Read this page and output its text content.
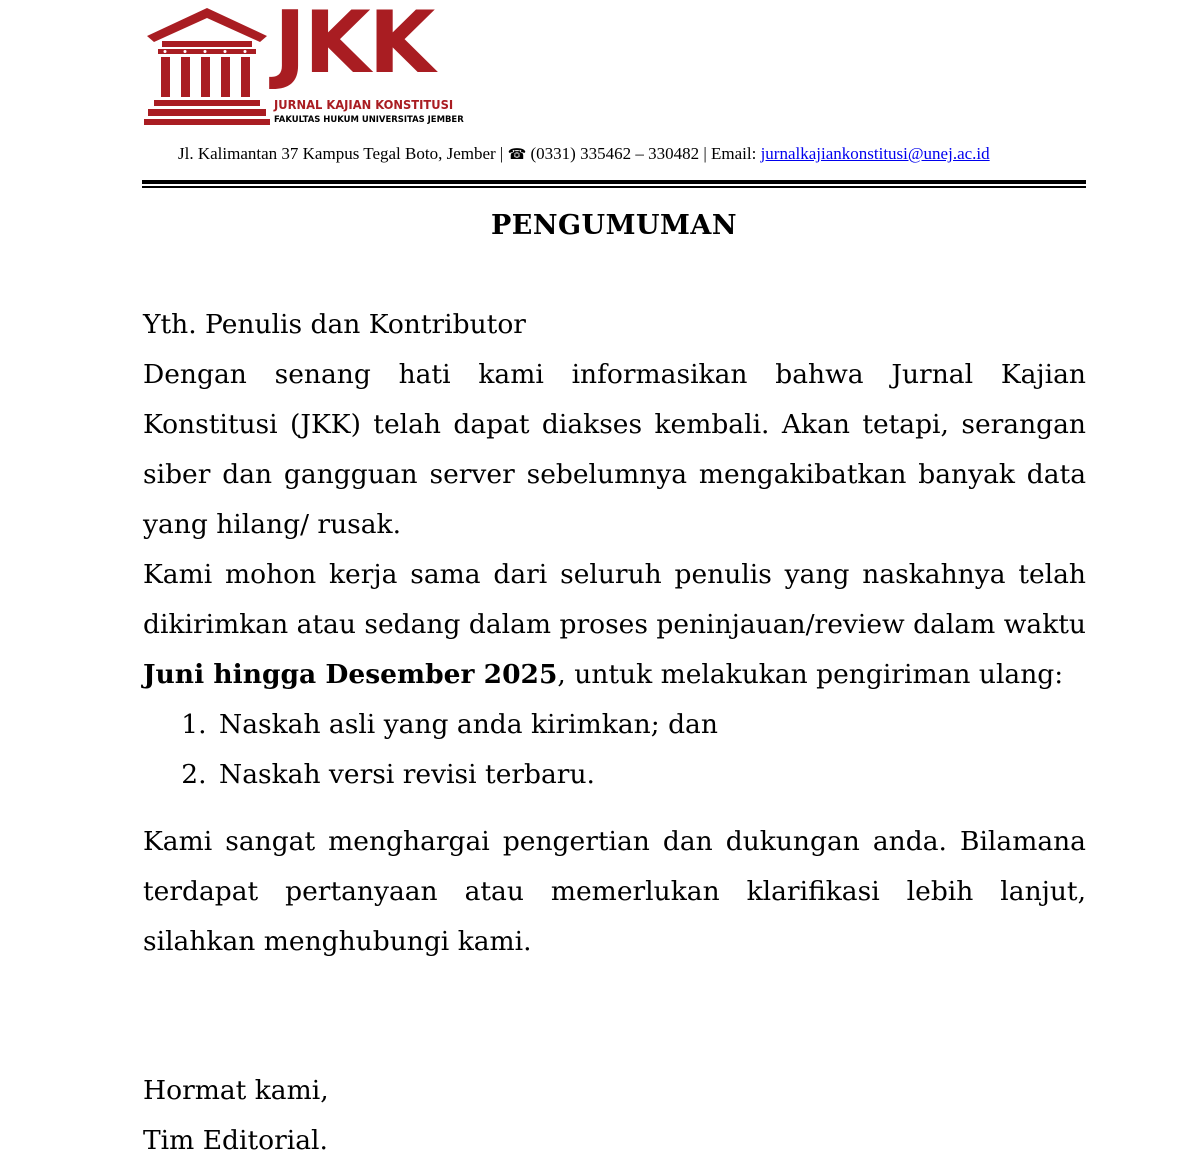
JKK
JURNAL KAJIAN KONSTITUSI
FAKULTAS HUKUM UNIVERSITAS JEMBER
Jl. Kalimantan 37 Kampus Tegal Boto, Jember | ☎ (0331) 335462 – 330482 | Email: jurnalkajiankonstitusi@unej.ac.id
PENGUMUMAN

Yth. Penulis dan Kontributor

Dengan senang hati kami informasikan bahwa Jurnal Kajian Konstitusi (JKK) telah dapat diakses kembali. Akan tetapi, serangan siber dan gangguan server sebelumnya mengakibatkan banyak data yang hilang/ rusak.

Kami mohon kerja sama dari seluruh penulis yang naskahnya telah dikirimkan atau sedang dalam proses peninjauan/review dalam waktu Juni hingga Desember 2025, untuk melakukan pengiriman ulang:

1. Naskah asli yang anda kirimkan; dan
2. Naskah versi revisi terbaru.

Kami sangat menghargai pengertian dan dukungan anda. Bilamana terdapat pertanyaan atau memerlukan klarifikasi lebih lanjut, silahkan menghubungi kami.

Hormat kami,
Tim Editorial.
